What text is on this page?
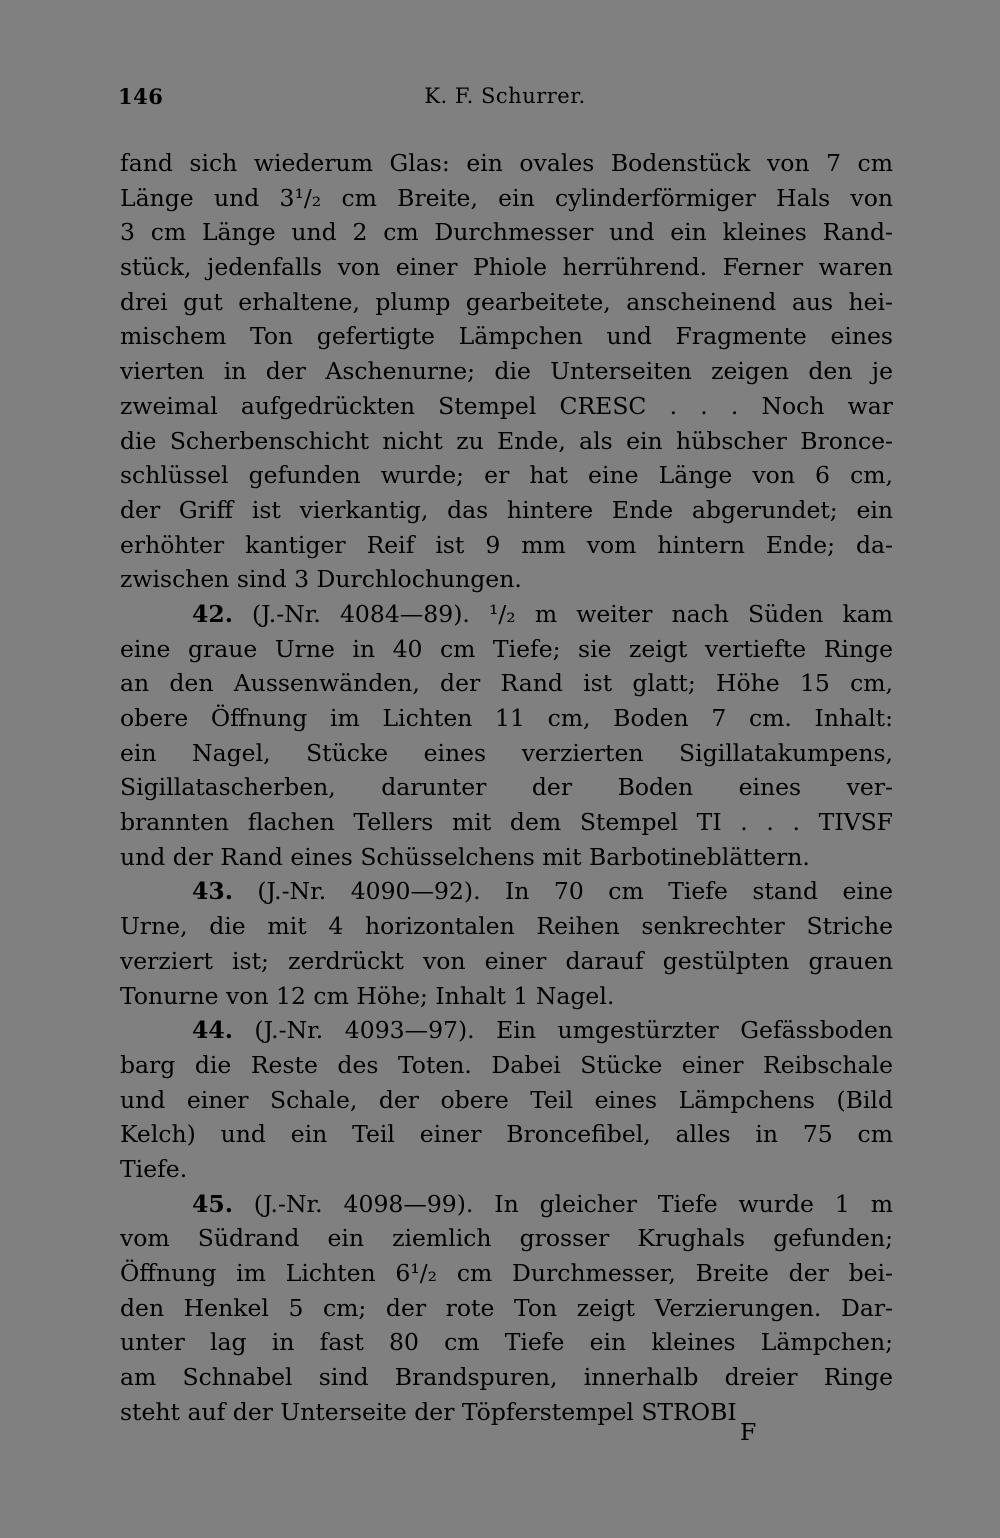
146	K. F. Schurrer.
fand sich wiederum Glas: ein ovales Bodenstück von 7 cm
Länge und 3¹/₂ cm Breite, ein cylinderförmiger Hals von
3 cm Länge und 2 cm Durchmesser und ein kleines Rand-
stück, jedenfalls von einer Phiole herrührend. Ferner waren
drei gut erhaltene, plump gearbeitete, anscheinend aus hei-
mischem Ton gefertigte Lämpchen und Fragmente eines
vierten in der Aschenurne; die Unterseiten zeigen den je
zweimal aufgedrückten Stempel CRESC . . . Noch war
die Scherbenschicht nicht zu Ende, als ein hübscher Bronce-
schlüssel gefunden wurde; er hat eine Länge von 6 cm,
der Griff ist vierkantig, das hintere Ende abgerundet; ein
erhöhter kantiger Reif ist 9 mm vom hintern Ende; da-
zwischen sind 3 Durchlochungen.
42. (J.-Nr. 4084—89). ¹/₂ m weiter nach Süden kam
eine graue Urne in 40 cm Tiefe; sie zeigt vertiefte Ringe
an den Aussenwänden, der Rand ist glatt; Höhe 15 cm,
obere Öffnung im Lichten 11 cm, Boden 7 cm. Inhalt:
ein Nagel, Stücke eines verzierten Sigillatakumpens,
Sigillatascherben, darunter der Boden eines ver-
brannten flachen Tellers mit dem Stempel TI . . . TIVSF
und der Rand eines Schüsselchens mit Barbotineblättern.
43. (J.-Nr. 4090—92). In 70 cm Tiefe stand eine
Urne, die mit 4 horizontalen Reihen senkrechter Striche
verziert ist; zerdrückt von einer darauf gestülpten grauen
Tonurne von 12 cm Höhe; Inhalt 1 Nagel.
44. (J.-Nr. 4093—97). Ein umgestürzter Gefässboden
barg die Reste des Toten. Dabei Stücke einer Reibschale
und einer Schale, der obere Teil eines Lämpchens (Bild
Kelch) und ein Teil einer Broncefibel, alles in 75 cm
Tiefe.
45. (J.-Nr. 4098—99). In gleicher Tiefe wurde 1 m
vom Südrand ein ziemlich grosser Krughals gefunden;
Öffnung im Lichten 6¹/₂ cm Durchmesser, Breite der bei-
den Henkel 5 cm; der rote Ton zeigt Verzierungen. Dar-
unter lag in fast 80 cm Tiefe ein kleines Lämpchen;
am Schnabel sind Brandspuren, innerhalb dreier Ringe
steht auf der Unterseite der Töpferstempel STROBI
F
